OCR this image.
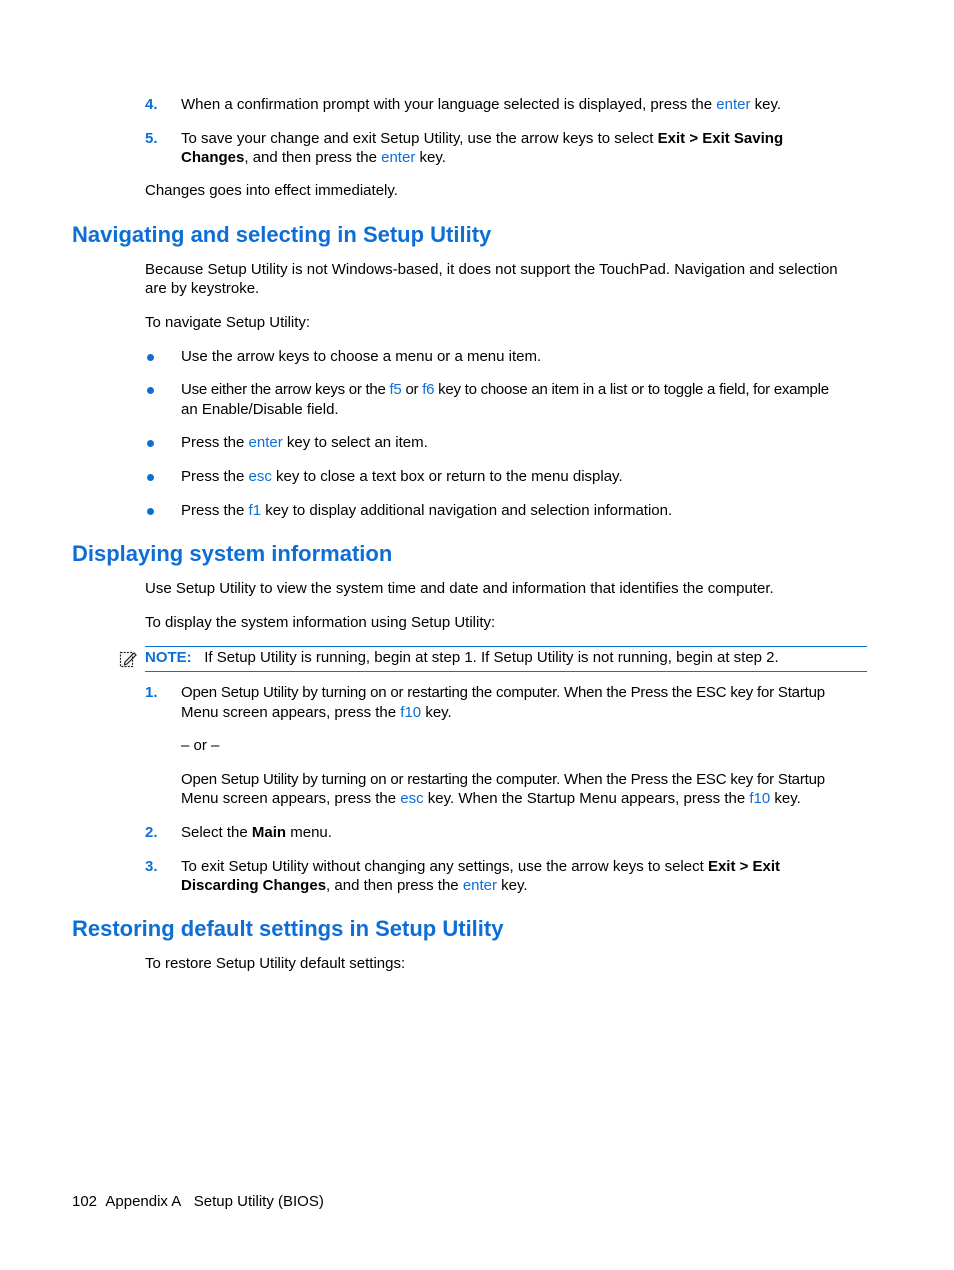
4. When a confirmation prompt with your language selected is displayed, press the enter key.
5. To save your change and exit Setup Utility, use the arrow keys to select Exit > Exit Saving
Changes, and then press the enter key.
Changes goes into effect immediately.
Navigating and selecting in Setup Utility
Because Setup Utility is not Windows-based, it does not support the TouchPad. Navigation and selection
are by keystroke.
To navigate Setup Utility:
Use the arrow keys to choose a menu or a menu item.
Use either the arrow keys or the f5 or f6 key to choose an item in a list or to toggle a field, for example
an Enable/Disable field.
Press the enter key to select an item.
Press the esc key to close a text box or return to the menu display.
Press the f1 key to display additional navigation and selection information.
Displaying system information
Use Setup Utility to view the system time and date and information that identifies the computer.
To display the system information using Setup Utility:
NOTE: If Setup Utility is running, begin at step 1. If Setup Utility is not running, begin at step 2.
1. Open Setup Utility by turning on or restarting the computer. When the Press the ESC key for Startup
Menu screen appears, press the f10 key.
– or –
Open Setup Utility by turning on or restarting the computer. When the Press the ESC key for Startup
Menu screen appears, press the esc key. When the Startup Menu appears, press the f10 key.
2. Select the Main menu.
3. To exit Setup Utility without changing any settings, use the arrow keys to select Exit > Exit
Discarding Changes, and then press the enter key.
Restoring default settings in Setup Utility
To restore Setup Utility default settings:
102 Appendix A Setup Utility (BIOS)
